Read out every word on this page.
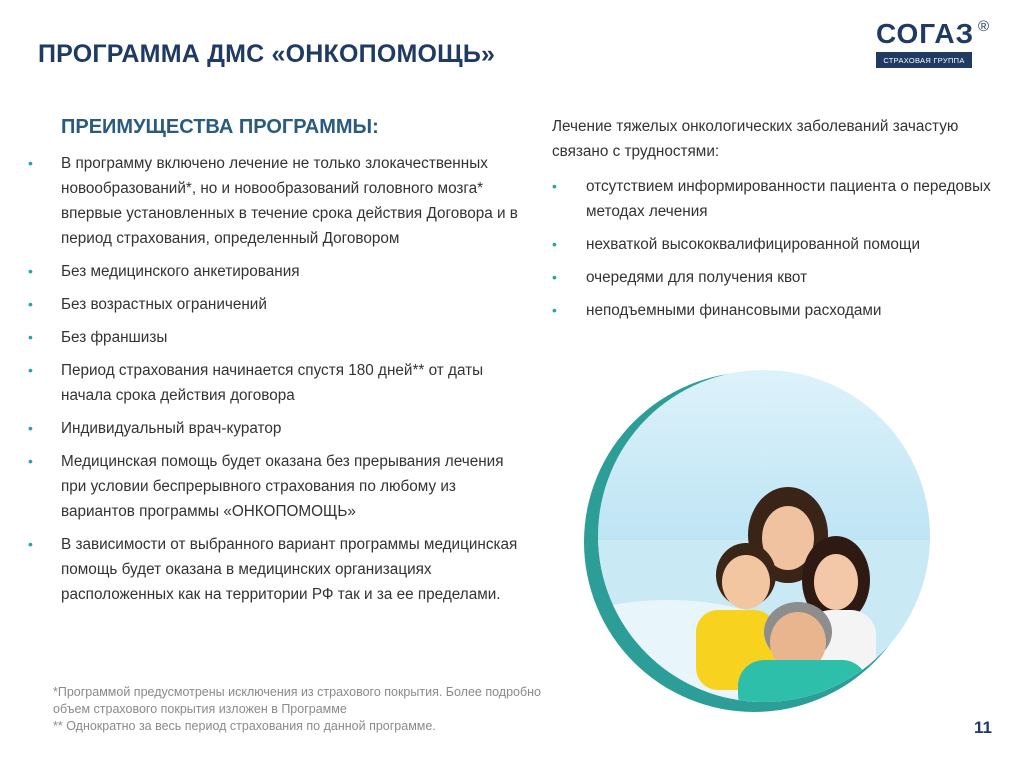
ПРОГРАММА ДМС «ОНКОПОМОЩЬ»
СОГАЗ ®
СТРАХОВАЯ ГРУППА
ПРЕИМУЩЕСТВА ПРОГРАММЫ:
• В программу включено лечение не только злокачественных новообразований*, но и новообразований головного мозга* впервые установленных в течение срока действия Договора и в период страхования, определенный Договором
• Без медицинского анкетирования
• Без возрастных ограничений
• Без франшизы
• Период страхования начинается спустя 180 дней** от даты начала срока действия договора
• Индивидуальный врач-куратор
• Медицинская помощь будет оказана без прерывания лечения при условии беспрерывного страхования по любому из вариантов программы «ОНКОПОМОЩЬ»
• В зависимости от выбранного вариант программы медицинская помощь будет оказана в медицинских организациях расположенных как на территории РФ так и за ее пределами.

Лечение тяжелых онкологических заболеваний зачастую связано с трудностями:

• отсутствием информированности пациента о передовых методах лечения
• нехваткой высококвалифицированной помощи
• очередями для получения квот
• неподъемными финансовыми расходами

*Программой предусмотрены исключения из страхового покрытия. Более подробно объем страхового покрытия изложен в Программе

** Однократно за весь период страхования по данной программе.	11
